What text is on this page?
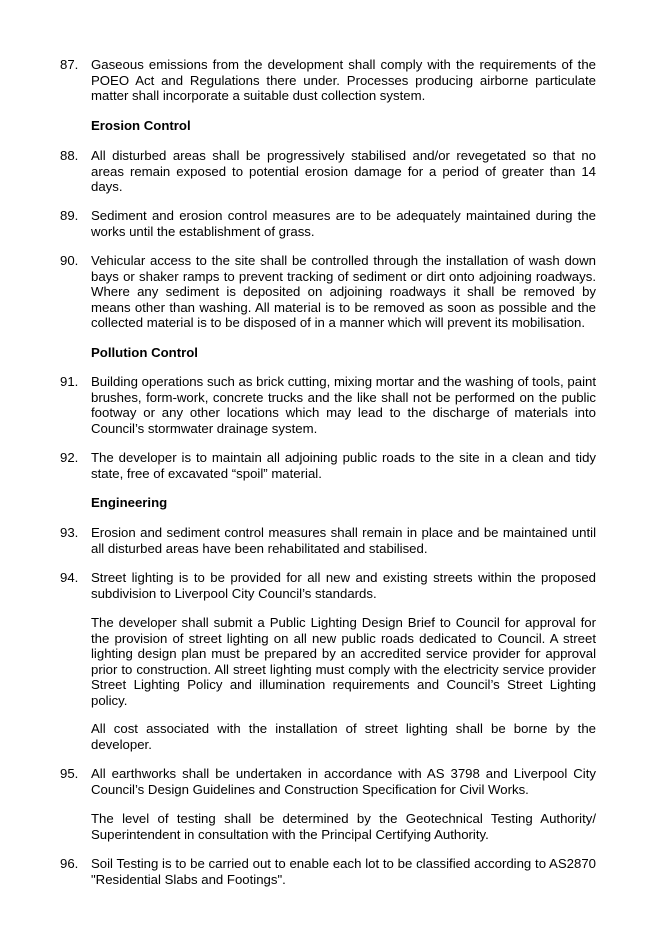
87. Gaseous emissions from the development shall comply with the requirements of the POEO Act and Regulations there under. Processes producing airborne particulate matter shall incorporate a suitable dust collection system.
Erosion Control
88. All disturbed areas shall be progressively stabilised and/or revegetated so that no areas remain exposed to potential erosion damage for a period of greater than 14 days.
89. Sediment and erosion control measures are to be adequately maintained during the works until the establishment of grass.
90. Vehicular access to the site shall be controlled through the installation of wash down bays or shaker ramps to prevent tracking of sediment or dirt onto adjoining roadways. Where any sediment is deposited on adjoining roadways it shall be removed by means other than washing. All material is to be removed as soon as possible and the collected material is to be disposed of in a manner which will prevent its mobilisation.
Pollution Control
91. Building operations such as brick cutting, mixing mortar and the washing of tools, paint brushes, form-work, concrete trucks and the like shall not be performed on the public footway or any other locations which may lead to the discharge of materials into Council’s stormwater drainage system.
92. The developer is to maintain all adjoining public roads to the site in a clean and tidy state, free of excavated “spoil” material.
Engineering
93. Erosion and sediment control measures shall remain in place and be maintained until all disturbed areas have been rehabilitated and stabilised.
94. Street lighting is to be provided for all new and existing streets within the proposed subdivision to Liverpool City Council’s standards.
The developer shall submit a Public Lighting Design Brief to Council for approval for the provision of street lighting on all new public roads dedicated to Council. A street lighting design plan must be prepared by an accredited service provider for approval prior to construction. All street lighting must comply with the electricity service provider Street Lighting Policy and illumination requirements and Council’s Street Lighting policy.
All cost associated with the installation of street lighting shall be borne by the developer.
95. All earthworks shall be undertaken in accordance with AS 3798 and Liverpool City Council’s Design Guidelines and Construction Specification for Civil Works.
The level of testing shall be determined by the Geotechnical Testing Authority/ Superintendent in consultation with the Principal Certifying Authority.
96. Soil Testing is to be carried out to enable each lot to be classified according to AS2870 "Residential Slabs and Footings".
